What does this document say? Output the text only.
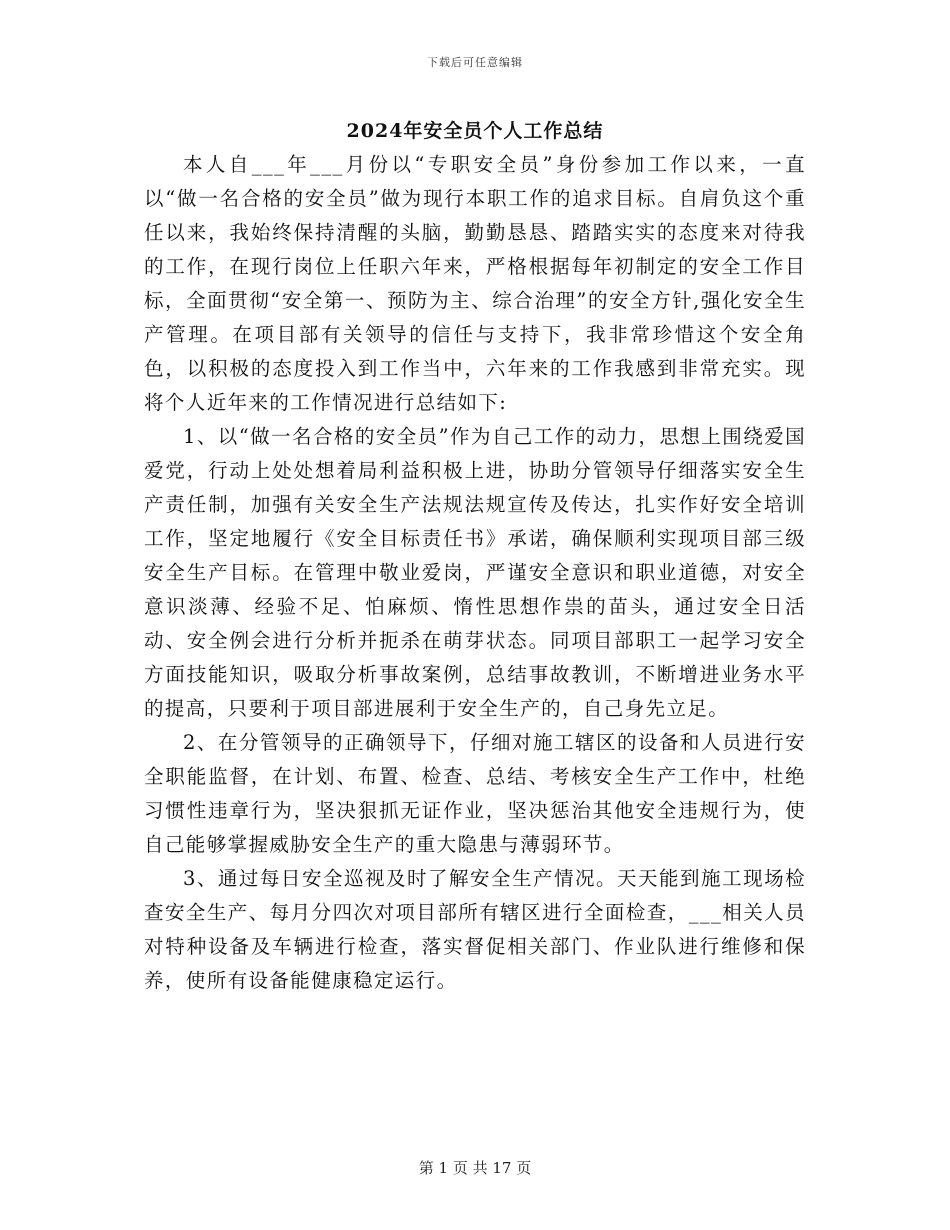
下载后可任意编辑
2024年安全员个人工作总结

本人自___年___月份以“专职安全员”身份参加工作以来，一直以“做一名合格的安全员”做为现行本职工作的追求目标。自肩负这个重任以来，我始终保持清醒的头脑，勤勤恳恳、踏踏实实的态度来对待我的工作，在现行岗位上任职六年来，严格根据每年初制定的安全工作目标，全面贯彻“安全第一、预防为主、综合治理”的安全方针,强化安全生产管理。在项目部有关领导的信任与支持下，我非常珍惜这个安全角色，以积极的态度投入到工作当中，六年来的工作我感到非常充实。现将个人近年来的工作情况进行总结如下:

1、以“做一名合格的安全员”作为自己工作的动力，思想上围绕爱国爱党，行动上处处想着局利益积极上进，协助分管领导仔细落实安全生产责任制，加强有关安全生产法规法规宣传及传达，扎实作好安全培训工作，坚定地履行《安全目标责任书》承诺，确保顺利实现项目部三级安全生产目标。在管理中敬业爱岗，严谨安全意识和职业道德，对安全意识淡薄、经验不足、怕麻烦、惰性思想作祟的苗头，通过安全日活动、安全例会进行分析并扼杀在萌芽状态。同项目部职工一起学习安全方面技能知识，吸取分析事故案例，总结事故教训，不断增进业务水平的提高，只要利于项目部进展利于安全生产的，自己身先立足。

2、在分管领导的正确领导下，仔细对施工辖区的设备和人员进行安全职能监督，在计划、布置、检查、总结、考核安全生产工作中，杜绝习惯性违章行为，坚决狠抓无证作业，坚决惩治其他安全违规行为，使自己能够掌握威胁安全生产的重大隐患与薄弱环节。

3、通过每日安全巡视及时了解安全生产情况。天天能到施工现场检查安全生产、每月分四次对项目部所有辖区进行全面检查，___相关人员对特种设备及车辆进行检查，落实督促相关部门、作业队进行维修和保养，使所有设备能健康稳定运行。

第 1 页 共 17 页
